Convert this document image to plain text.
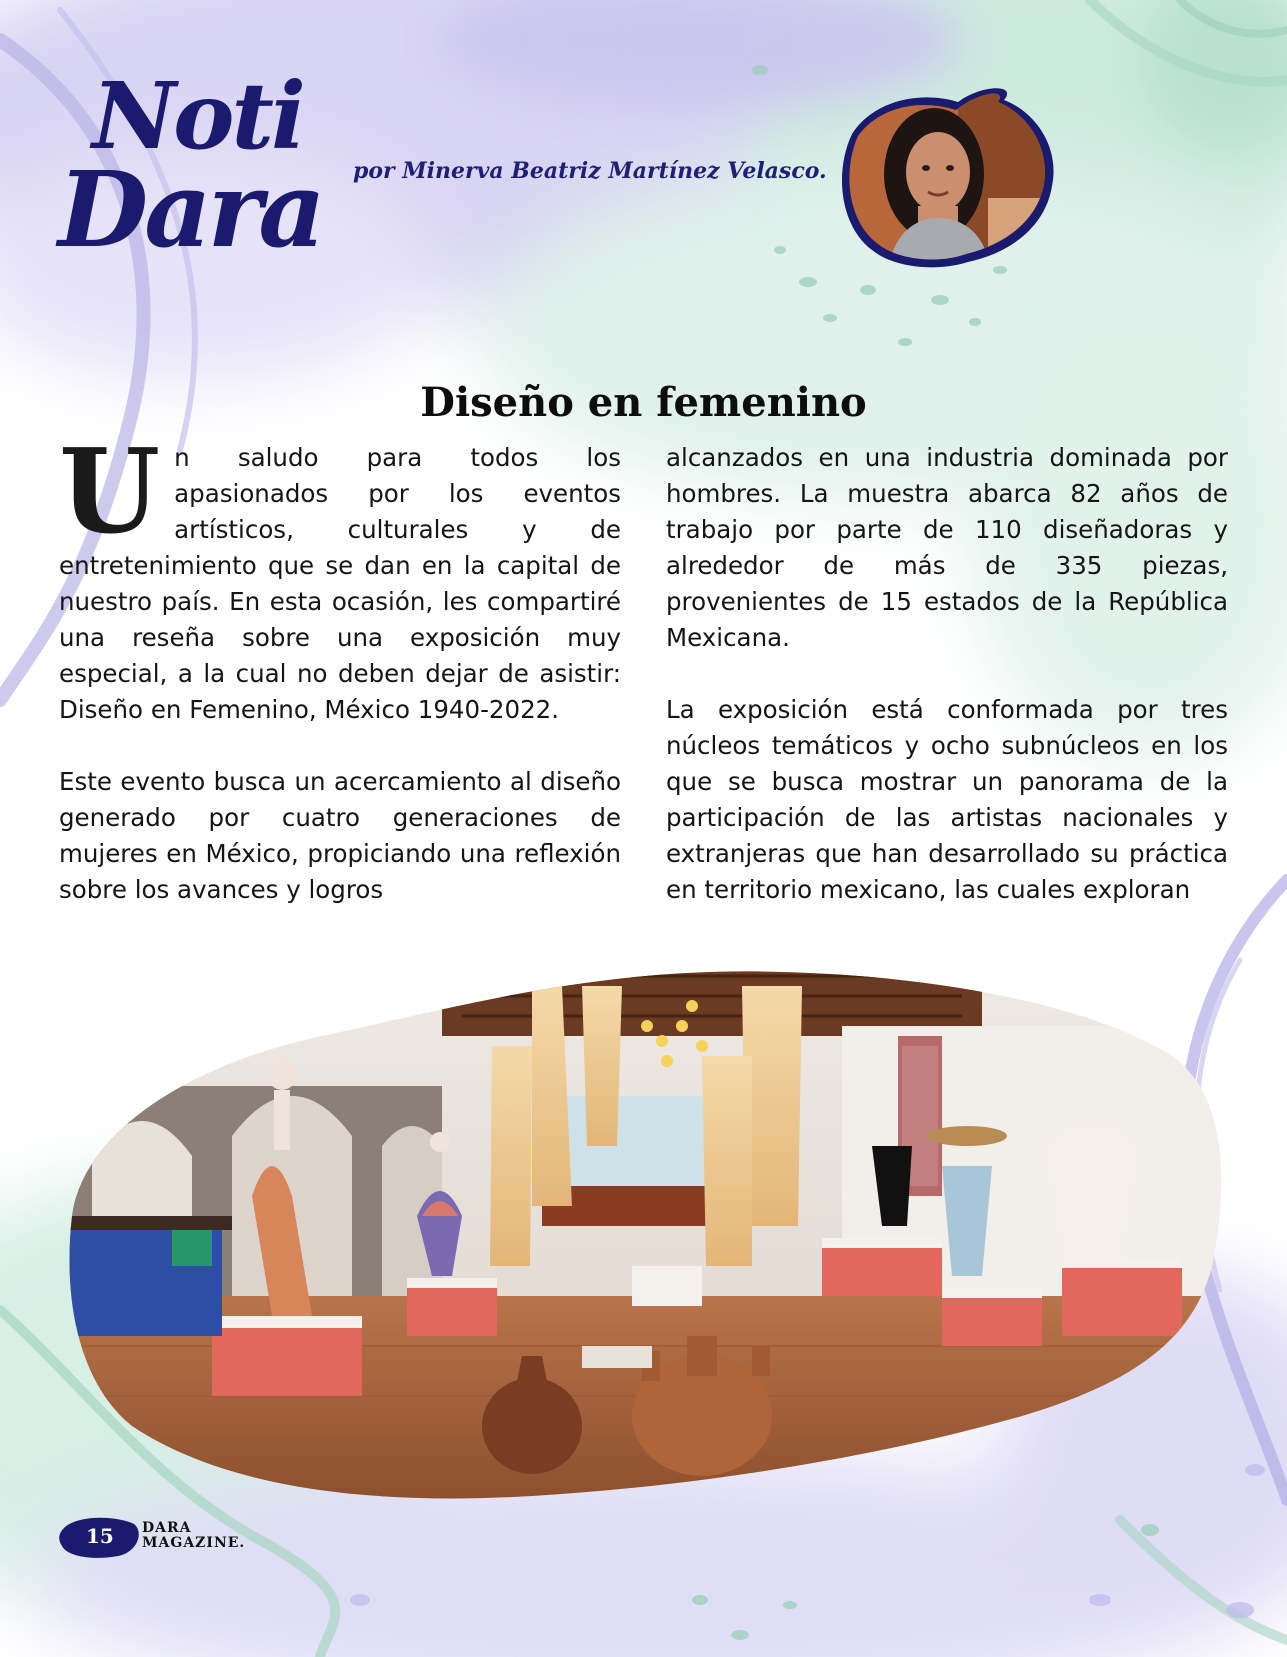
Noti
Dara por Minerva Beatriz Martínez Velasco.
Diseño en femenino

Un saludo para todos los apasionados por los eventos artísticos, culturales y de entretenimiento que se dan en la capital de nuestro país. En esta ocasión, les compartiré una reseña sobre una exposición muy especial, a la cual no deben dejar de asistir: Diseño en Femenino, México 1940-2022.

Este evento busca un acercamiento al diseño generado por cuatro generaciones de mujeres en México, propiciando una reflexión sobre los avances y logros

alcanzados en una industria dominada por hombres. La muestra abarca 82 años de trabajo por parte de 110 diseñadoras y alrededor de más de 335 piezas, provenientes de 15 estados de la República Mexicana.

La exposición está conformada por tres núcleos temáticos y ocho subnúcleos en los que se busca mostrar un panorama de la participación de las artistas nacionales y extranjeras que han desarrollado su práctica en territorio mexicano, las cuales exploran

15 DARA
MAGAZINE.
